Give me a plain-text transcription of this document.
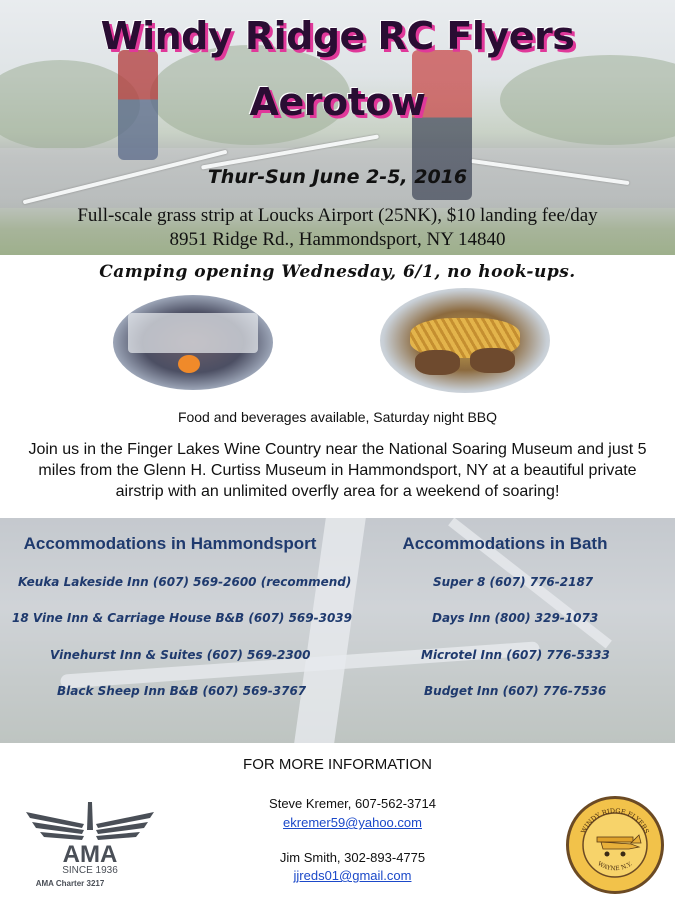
Windy Ridge RC Flyers
Aerotow
Thur-Sun June 2-5, 2016
Full-scale grass strip at Loucks Airport (25NK), $10 landing fee/day
8951 Ridge Rd., Hammondsport, NY 14840
Camping opening Wednesday, 6/1, no hook-ups.
Food and beverages available, Saturday night BBQ
Join us in the Finger Lakes Wine Country near the National Soaring Museum and just 5 miles from the Glenn H. Curtiss Museum in Hammondsport, NY at a beautiful private airstrip with an unlimited overfly area for a weekend of soaring!
Accommodations in Hammondsport	Accommodations in Bath
Keuka Lakeside Inn (607) 569-2600 (recommend)
18 Vine Inn & Carriage House B&B (607) 569-3039
Vinehurst Inn & Suites (607) 569-2300
Black Sheep Inn B&B (607) 569-3767
Super 8 (607) 776-2187
Days Inn (800) 329-1073
Microtel Inn (607) 776-5333
Budget Inn (607) 776-7536
FOR MORE INFORMATION
Steve Kremer, 607-562-3714
ekremer59@yahoo.com
Jim Smith, 302-893-4775
jjreds01@gmail.com
AMA
SINCE 1936
AMA Charter 3217
WINDY RIDGE FLYERS
WAYNE N.Y.
